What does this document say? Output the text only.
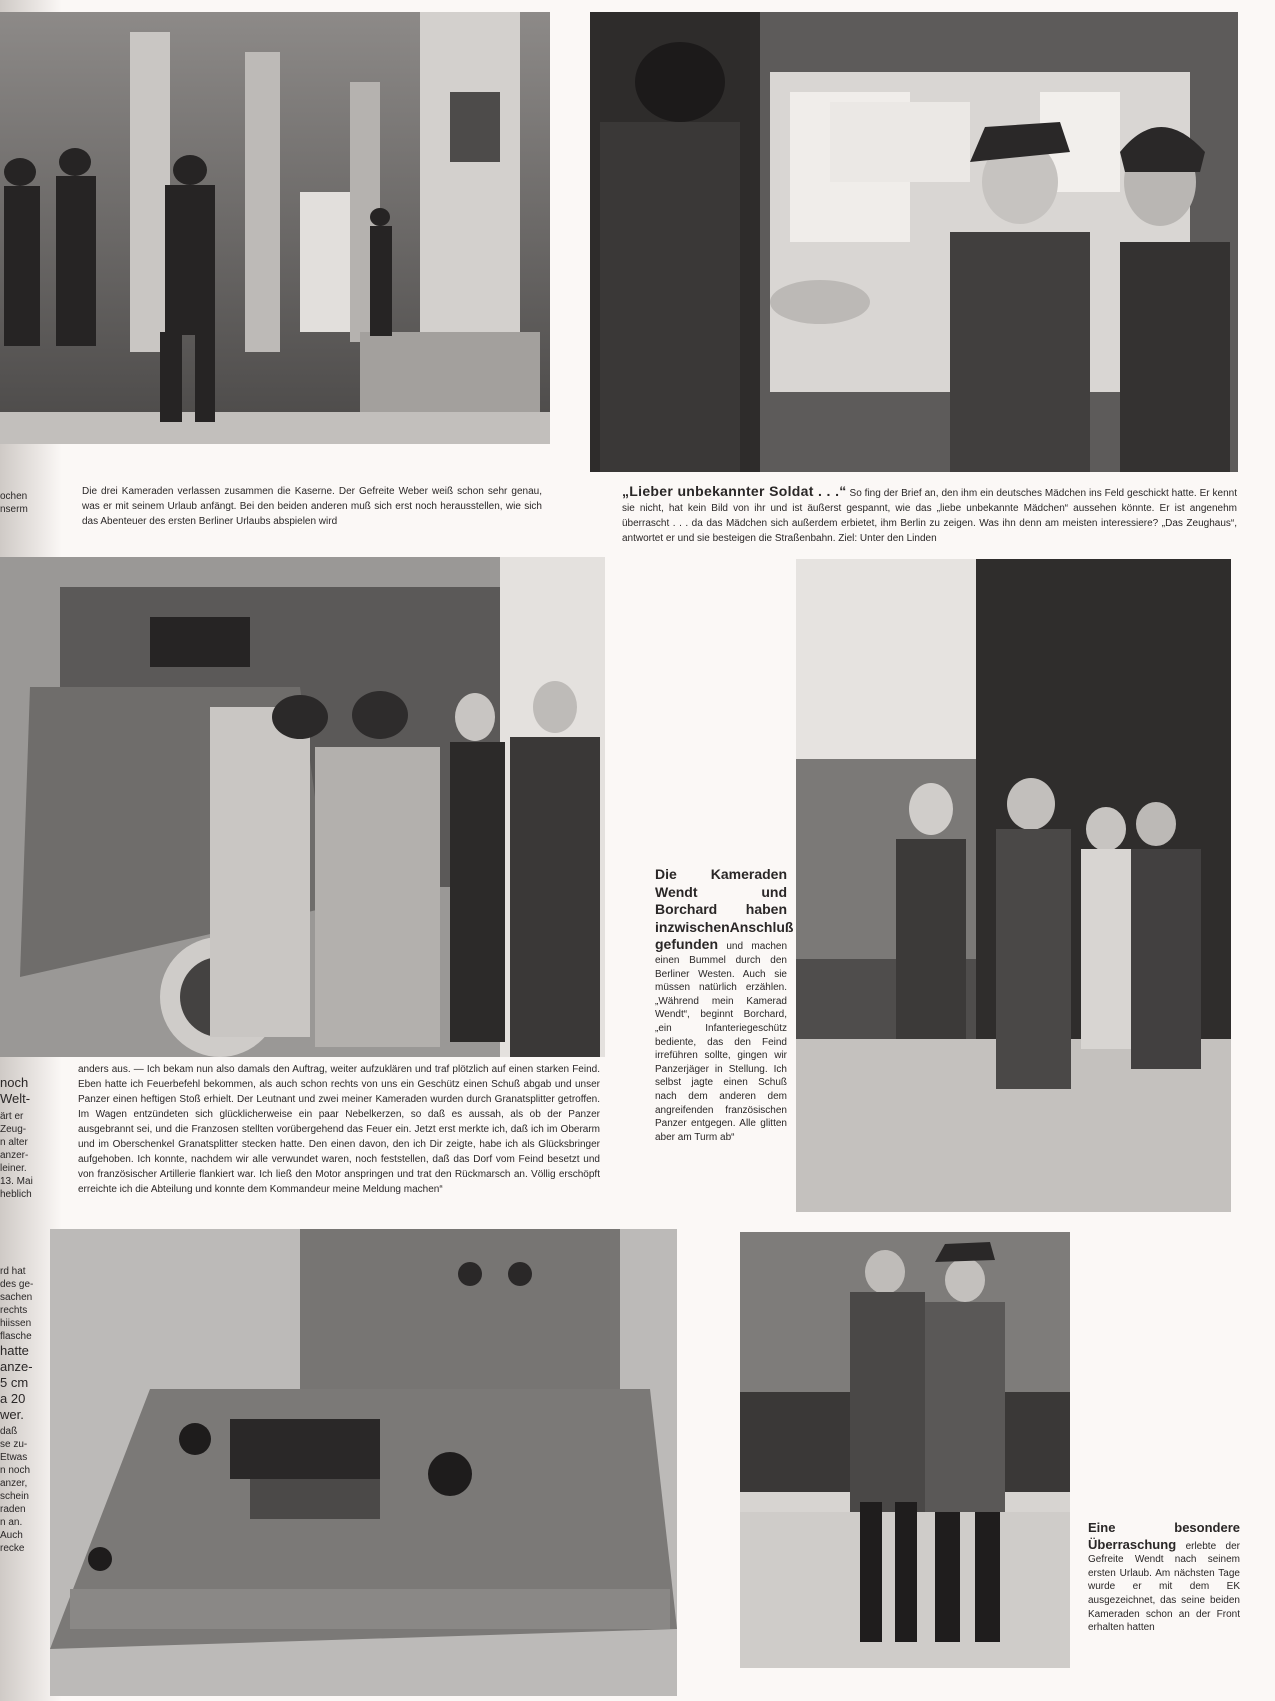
ochen
nserm
noch
Welt-
ärt er
Zeug-
n alter
anzer-
leiner.
13. Mai
heblich
rd hat
des ge-
sachen
rechts
hiissen
flasche
hatte
anze-
5 cm
a 20
wer.
daß
se zu-
Etwas
n noch
anzer,
schein
raden
n an.
Auch
recke
Die drei Kameraden verlassen zusammen die Kaserne. Der Gefreite Weber weiß schon sehr genau, was er mit seinem Urlaub anfängt. Bei den beiden anderen muß sich erst noch herausstellen, wie sich das Abenteuer des ersten Berliner Urlaubs abspielen wird
„Lieber unbekannter Soldat . . .“ So fing der Brief an, den ihm ein deutsches Mädchen ins Feld geschickt hatte. Er kennt sie nicht, hat kein Bild von ihr und ist äußerst gespannt, wie das „liebe unbekannte Mädchen“ aussehen könnte. Er ist angenehm überrascht . . . da das Mädchen sich außerdem erbietet, ihm Berlin zu zeigen. Was ihn denn am meisten interessiere? „Das Zeughaus“, antwortet er und sie besteigen die Straßenbahn. Ziel: Unter den Linden
anders aus. — Ich bekam nun also damals den Auftrag, weiter aufzuklären und traf plötzlich auf einen starken Feind. Eben hatte ich Feuerbefehl bekommen, als auch schon rechts von uns ein Geschütz einen Schuß abgab und unser Panzer einen heftigen Stoß erhielt. Der Leutnant und zwei meiner Kameraden wurden durch Granatsplitter getroffen. Im Wagen entzündeten sich glücklicherweise ein paar Nebelkerzen, so daß es aussah, als ob der Panzer ausgebrannt sei, und die Franzosen stellten vorübergehend das Feuer ein. Jetzt erst merkte ich, daß ich im Oberarm und im Oberschenkel Granatsplitter stecken hatte. Den einen davon, den ich Dir zeigte, habe ich als Glücksbringer aufgehoben. Ich konnte, nachdem wir alle verwundet waren, noch feststellen, daß das Dorf vom Feind besetzt und von französischer Artillerie flankiert war. Ich ließ den Motor anspringen und trat den Rückmarsch an. Völlig erschöpft erreichte ich die Abteilung und konnte dem Kommandeur meine Meldung machen“
Die Kameraden Wendt und Borchard haben inzwischenAnschluß gefunden und machen einen Bummel durch den Berliner Westen. Auch sie müssen natürlich erzählen. „Während mein Kamerad Wendt“, beginnt Borchard, „ein Infanteriegeschütz bediente, das den Feind irreführen sollte, gingen wir Panzerjäger in Stellung. Ich selbst jagte einen Schuß nach dem anderen dem angreifenden französischen Panzer entgegen. Alle glitten aber am Turm ab“
Eine besondere Überraschung erlebte der Gefreite Wendt nach seinem ersten Urlaub. Am nächsten Tage wurde er mit dem EK ausgezeichnet, das seine beiden Kameraden schon an der Front erhalten hatten
